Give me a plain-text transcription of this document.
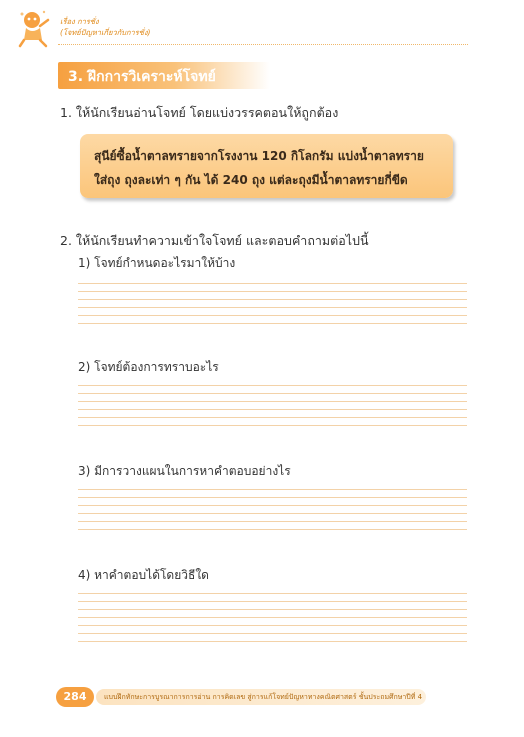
เรื่อง การชั่ง
(โจทย์ปัญหาเกี่ยวกับการชั่ง)
3. ฝึกการวิเคราะห์โจทย์
1. ให้นักเรียนอ่านโจทย์ โดยแบ่งวรรคตอนให้ถูกต้อง
สุนีย์ซื้อน้ำตาลทรายจากโรงงาน 120 กิโลกรัม แบ่งน้ำตาลทราย
ใส่ถุง ถุงละเท่า ๆ กัน ได้ 240 ถุง แต่ละถุงมีน้ำตาลทรายกี่ขีด
2. ให้นักเรียนทำความเข้าใจโจทย์ และตอบคำถามต่อไปนี้
1) โจทย์กำหนดอะไรมาให้บ้าง
2) โจทย์ต้องการทราบอะไร
3) มีการวางแผนในการหาคำตอบอย่างไร
4) หาคำตอบได้โดยวิธีใด
284	แบบฝึกทักษะการบูรณาการการอ่าน การคิดเลข สู่การแก้โจทย์ปัญหาทางคณิตศาสตร์ ชั้นประถมศึกษาปีที่ 4
